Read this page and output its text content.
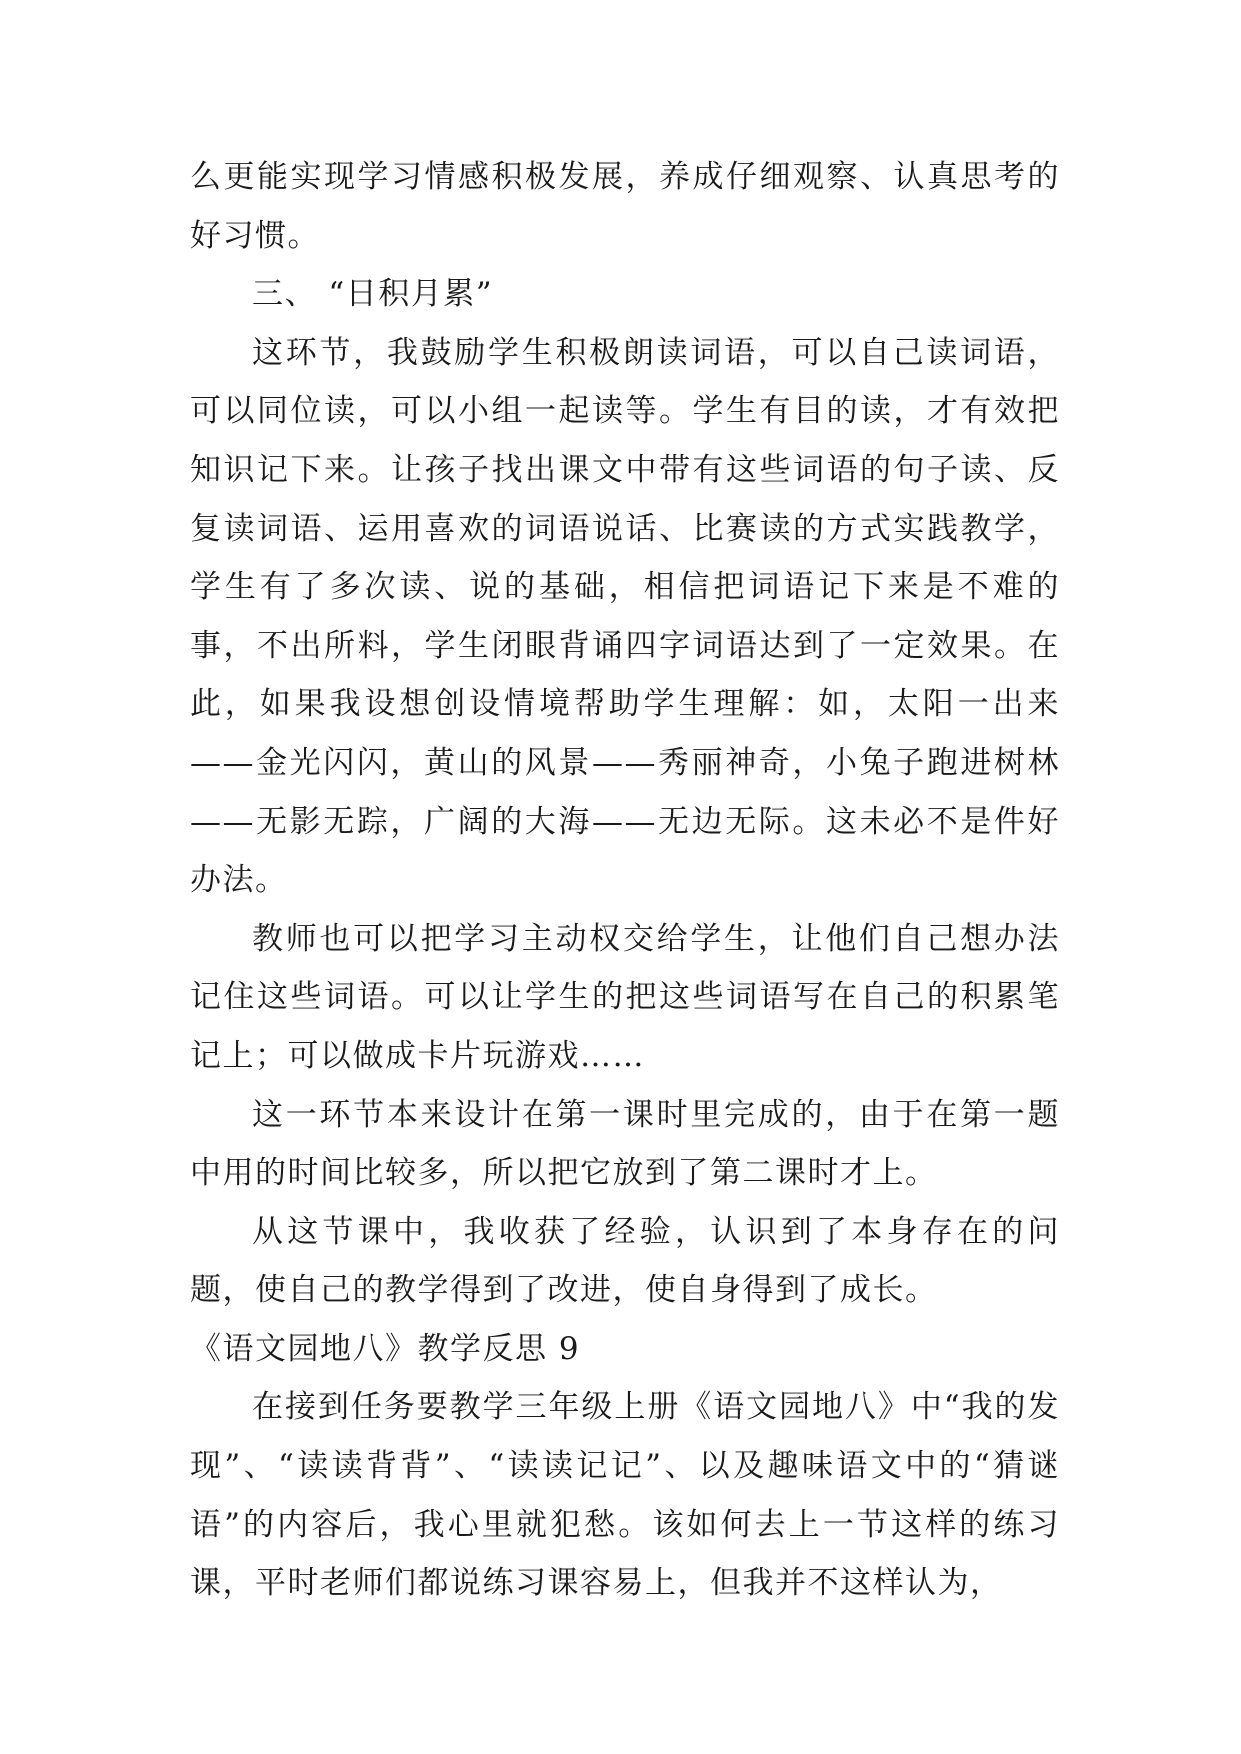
么更能实现学习情感积极发展，养成仔细观察、认真思考的好习惯。

三、 “日积月累”

这环节，我鼓励学生积极朗读词语，可以自己读词语，可以同位读，可以小组一起读等。学生有目的读，才有效把知识记下来。让孩子找出课文中带有这些词语的句子读、反复读词语、运用喜欢的词语说话、比赛读的方式实践教学，学生有了多次读、说的基础，相信把词语记下来是不难的事，不出所料，学生闭眼背诵四字词语达到了一定效果。在此，如果我设想创设情境帮助学生理解：如，太阳一出来——金光闪闪，黄山的风景——秀丽神奇，小兔子跑进树林——无影无踪，广阔的大海——无边无际。这未必不是件好办法。

教师也可以把学习主动权交给学生，让他们自己想办法记住这些词语。可以让学生的把这些词语写在自己的积累笔记上；可以做成卡片玩游戏……

这一环节本来设计在第一课时里完成的，由于在第一题中用的时间比较多，所以把它放到了第二课时才上。

从这节课中，我收获了经验，认识到了本身存在的问题，使自己的教学得到了改进，使自身得到了成长。

《语文园地八》教学反思 9

在接到任务要教学三年级上册《语文园地八》中“我的发现”、“读读背背”、“读读记记”、以及趣味语文中的“猜谜语”的内容后，我心里就犯愁。该如何去上一节这样的练习课，平时老师们都说练习课容易上，但我并不这样认为，
